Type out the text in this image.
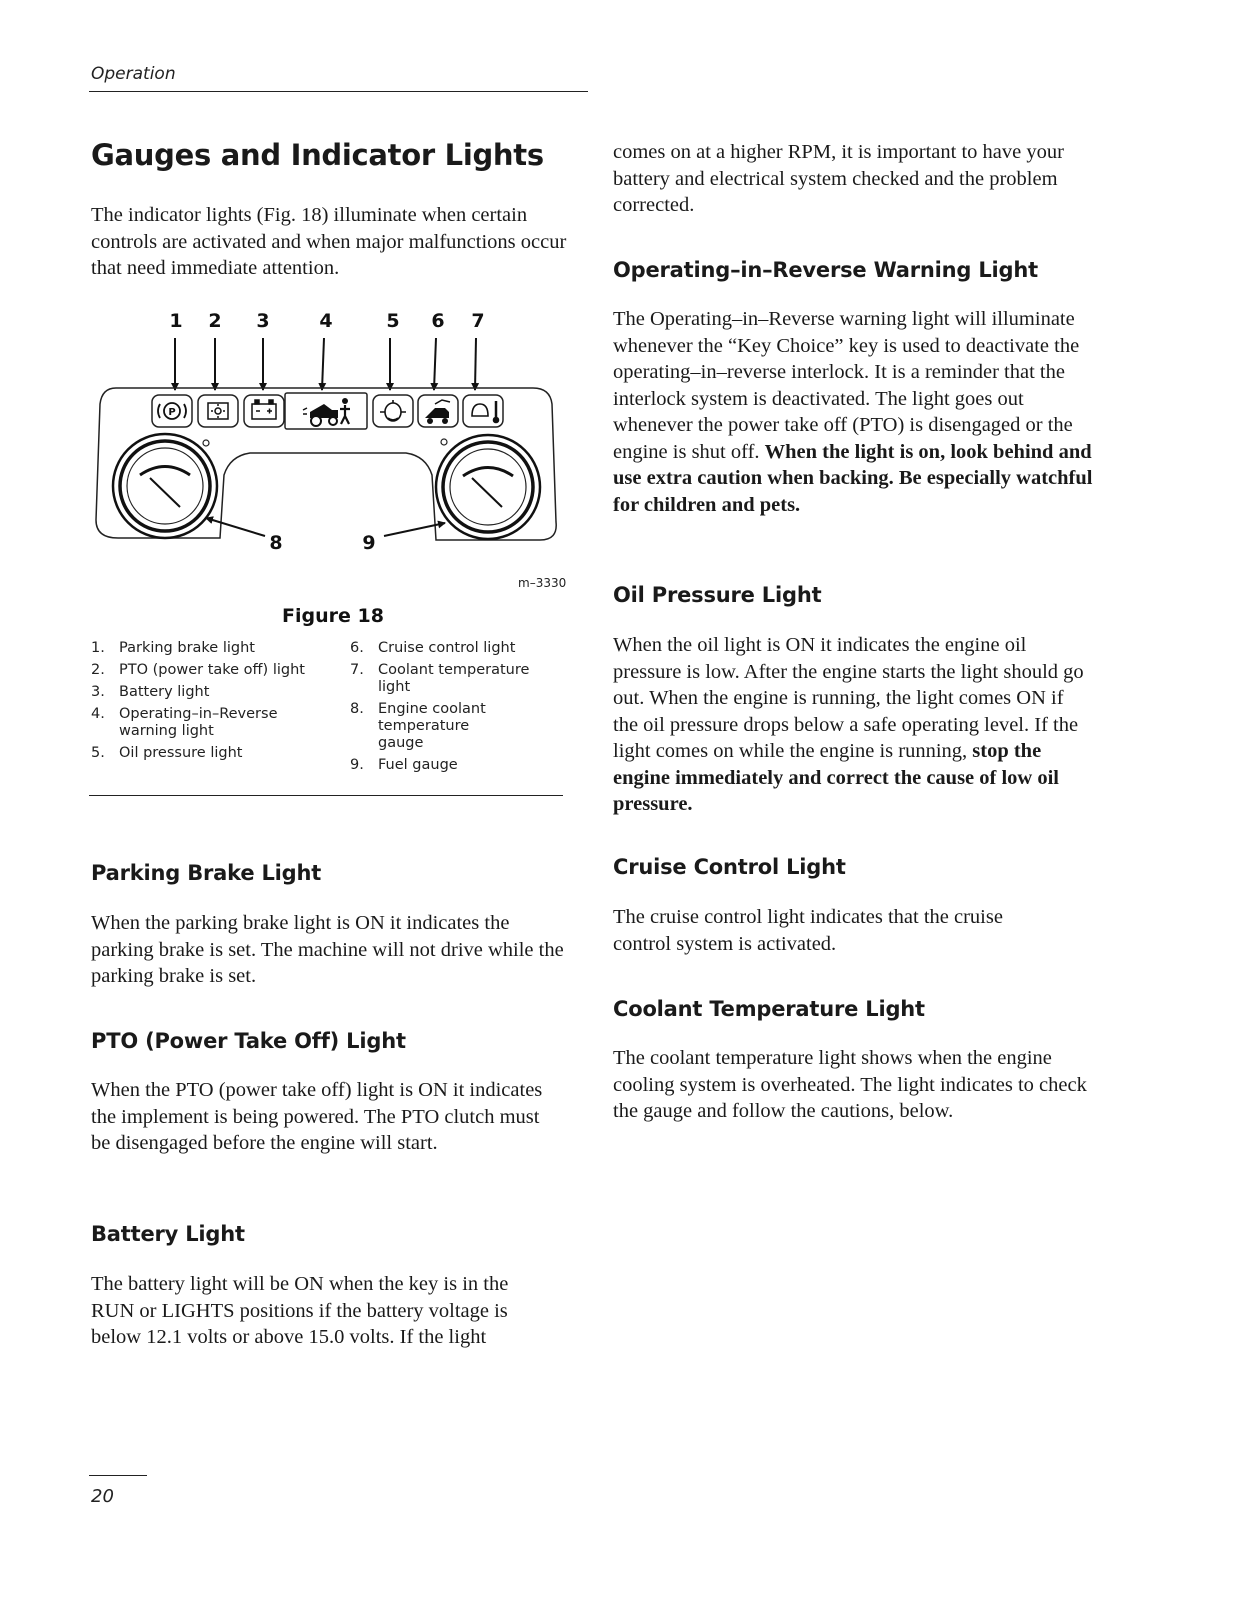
Operation
Gauges and Indicator Lights

The indicator lights (Fig. 18) illuminate when certain controls are activated and when major malfunctions occur that need immediate attention.

1 2 3	4	5 6 7
P
8	9
m–3330
Figure 18
1. Parking brake light
2. PTO (power take off) light
3. Battery light
4. Operating–in–Reverse warning light
5. Oil pressure light
6. Cruise control light
7. Coolant temperature light
8. Engine coolant temperature gauge
9. Fuel gauge
Parking Brake Light

When the parking brake light is ON it indicates the parking brake is set. The machine will not drive while the parking brake is set.

PTO (Power Take Off) Light

When the PTO (power take off) light is ON it indicates the implement is being powered. The PTO clutch must be disengaged before the engine will start.

Battery Light

The battery light will be ON when the key is in the RUN or LIGHTS positions if the battery voltage is below 12.1 volts or above 15.0 volts. If the light

comes on at a higher RPM, it is important to have your battery and electrical system checked and the problem corrected.

Operating–in–Reverse Warning Light

The Operating–in–Reverse warning light will illuminate whenever the “Key Choice” key is used to deactivate the operating–in–reverse interlock. It is a reminder that the interlock system is deactivated. The light goes out whenever the power take off (PTO) is disengaged or the engine is shut off. When the light is on, look behind and use extra caution when backing. Be especially watchful for children and pets.

Oil Pressure Light

When the oil light is ON it indicates the engine oil pressure is low. After the engine starts the light should go out. When the engine is running, the light comes ON if the oil pressure drops below a safe operating level. If the light comes on while the engine is running, stop the engine immediately and correct the cause of low oil pressure.

Cruise Control Light

The cruise control light indicates that the cruise control system is activated.

Coolant Temperature Light

The coolant temperature light shows when the engine cooling system is overheated. The light indicates to check the gauge and follow the cautions, below.

20
